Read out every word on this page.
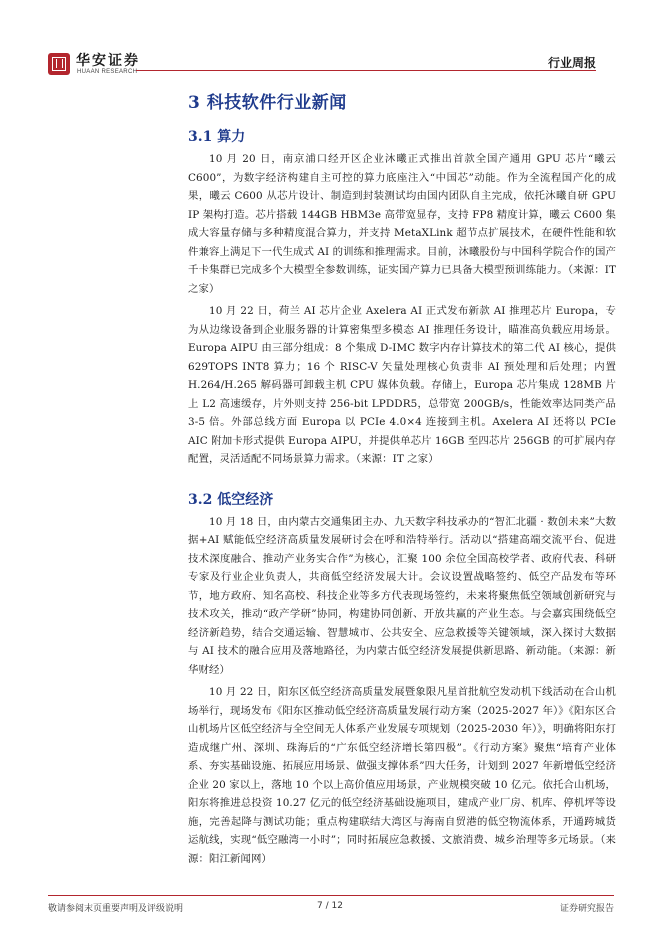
华安证券
HUAAN RESEARCH
行业周报
3 科技软件行业新闻
3.1 算力

10 月 20 日，南京浦口经开区企业沐曦正式推出首款全国产通用 GPU 芯片“曦云 C600”，为数字经济构建自主可控的算力底座注入“中国芯”动能。作为全流程国产化的成果，曦云 C600 从芯片设计、制造到封装测试均由国内团队自主完成，依托沐曦自研 GPU IP 架构打造。芯片搭载 144GB HBM3e 高带宽显存，支持 FP8 精度计算，曦云 C600 集成大容量存储与多种精度混合算力，并支持 MetaXLink 超节点扩展技术，在硬件性能和软件兼容上满足下一代生成式 AI 的训练和推理需求。目前，沐曦股份与中国科学院合作的国产千卡集群已完成多个大模型全参数训练，证实国产算力已具备大模型预训练能力。（来源：IT 之家）

10 月 22 日，荷兰 AI 芯片企业 Axelera AI 正式发布新款 AI 推理芯片 Europa，专为从边缘设备到企业服务器的计算密集型多模态 AI 推理任务设计，瞄准高负载应用场景。Europa AIPU 由三部分组成：8 个集成 D-IMC 数字内存计算技术的第二代 AI 核心，提供 629TOPS INT8 算力；16 个 RISC-V 矢量处理核心负责非 AI 预处理和后处理；内置 H.264/H.265 解码器可卸载主机 CPU 媒体负载。存储上，Europa 芯片集成 128MB 片上 L2 高速缓存，片外则支持 256-bit LPDDR5，总带宽 200GB/s，性能效率达同类产品 3-5 倍。外部总线方面 Europa 以 PCIe 4.0×4 连接到主机。Axelera AI 还将以 PCIe AIC 附加卡形式提供 Europa AIPU，并提供单芯片 16GB 至四芯片 256GB 的可扩展内存配置，灵活适配不同场景算力需求。（来源：IT 之家）

3.2 低空经济

10 月 18 日，由内蒙古交通集团主办、九天数字科技承办的“智汇北疆 · 数创未来”大数据+AI 赋能低空经济高质量发展研讨会在呼和浩特举行。活动以“搭建高端交流平台、促进技术深度融合、推动产业务实合作”为核心，汇聚 100 余位全国高校学者、政府代表、科研专家及行业企业负责人，共商低空经济发展大计。会议设置战略签约、低空产品发布等环节，地方政府、知名高校、科技企业等多方代表现场签约，未来将聚焦低空领域创新研究与技术攻关，推动“政产学研”协同，构建协同创新、开放共赢的产业生态。与会嘉宾围绕低空经济新趋势，结合交通运输、智慧城市、公共安全、应急救援等关键领域，深入探讨大数据与 AI 技术的融合应用及落地路径，为内蒙古低空经济发展提供新思路、新动能。（来源：新华财经）

10 月 22 日，阳东区低空经济高质量发展暨象限凡星首批航空发动机下线活动在合山机场举行，现场发布《阳东区推动低空经济高质量发展行动方案（2025-2027 年）》《阳东区合山机场片区低空经济与全空间无人体系产业发展专项规划（2025-2030 年）》，明确将阳东打造成继广州、深圳、珠海后的“广东低空经济增长第四极”。《行动方案》聚焦“培育产业体系、夯实基础设施、拓展应用场景、做强支撑体系”四大任务，计划到 2027 年新增低空经济企业 20 家以上，落地 10 个以上高价值应用场景，产业规模突破 10 亿元。依托合山机场，阳东将推进总投资 10.27 亿元的低空经济基础设施项目，建成产业厂房、机库、停机坪等设施，完善起降与测试功能；重点构建联结大湾区与海南自贸港的低空物流体系，开通跨城货运航线，实现“低空融湾一小时”；同时拓展应急救援、文旅消费、城乡治理等多元场景。（来源：阳江新闻网）

敬请参阅末页重要声明及评级说明	7 / 12	证券研究报告
